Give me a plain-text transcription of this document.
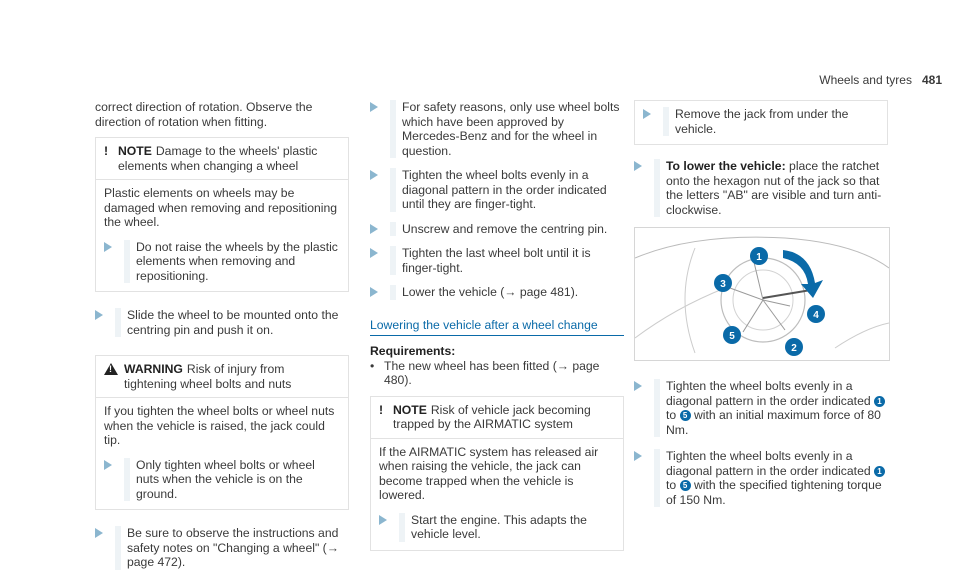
Wheels and tyres 481

correct direction of rotation. Observe the direction of rotation when fitting.

! NOTE Damage to the wheels' plastic elements when changing a wheel

Plastic elements on wheels may be damaged when removing and repositioning the wheel.

Do not raise the wheels by the plastic elements when removing and repositioning.
Slide the wheel to be mounted onto the centring pin and push it on.
!
WARNING Risk of injury from tightening wheel bolts and nuts

If you tighten the wheel bolts or wheel nuts when the vehicle is raised, the jack could tip.

Only tighten wheel bolts or wheel nuts when the vehicle is on the ground.
Be sure to observe the instructions and safety notes on "Changing a wheel" (→ page 472).
For safety reasons, only use wheel bolts which have been approved by Mercedes-Benz and for the wheel in question.
Tighten the wheel bolts evenly in a diagonal pattern in the order indicated until they are finger-tight.
Unscrew and remove the centring pin.
Tighten the last wheel bolt until it is finger-tight.
Lower the vehicle (→ page 481).
Lowering the vehicle after a wheel change
Requirements:
• The new wheel has been fitted (→ page 480).
! NOTE Risk of vehicle jack becoming trapped by the AIRMATIC system

If the AIRMATIC system has released air when raising the vehicle, the jack can become trapped when the vehicle is lowered.

Start the engine. This adapts the vehicle level.
Remove the jack from under the vehicle.
To lower the vehicle: place the ratchet onto the hexagon nut of the jack so that the letters "AB" are visible and turn anti-clockwise.
1
2
3
4
5
Tighten the wheel bolts evenly in a diagonal pattern in the order indicated 1 to 5 with an initial maximum force of 80 Nm.
Tighten the wheel bolts evenly in a diagonal pattern in the order indicated 1 to 5 with the specified tightening torque of 150 Nm.
